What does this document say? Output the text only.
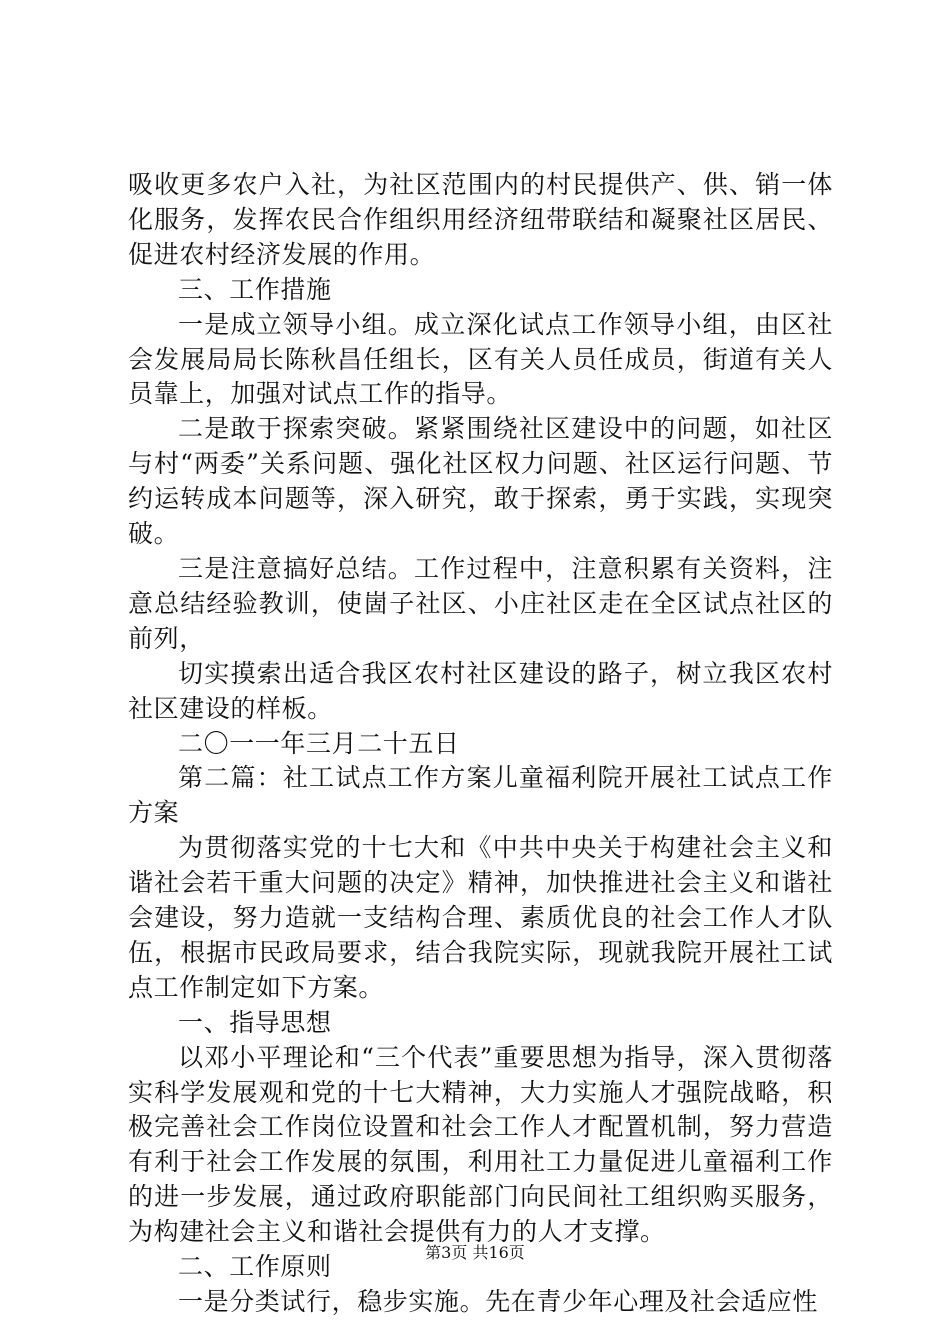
吸收更多农户入社，为社区范围内的村民提供产、供、销一体化服务，发挥农民合作组织用经济纽带联结和凝聚社区居民、促进农村经济发展的作用。

三、工作措施

一是成立领导小组。成立深化试点工作领导小组，由区社会发展局局长陈秋昌任组长，区有关人员任成员，街道有关人员靠上，加强对试点工作的指导。

二是敢于探索突破。紧紧围绕社区建设中的问题，如社区与村“两委”关系问题、强化社区权力问题、社区运行问题、节约运转成本问题等，深入研究，敢于探索，勇于实践，实现突破。

三是注意搞好总结。工作过程中，注意积累有关资料，注意总结经验教训，使崮子社区、小庄社区走在全区试点社区的前列，

切实摸索出适合我区农村社区建设的路子，树立我区农村社区建设的样板。

二〇一一年三月二十五日

第二篇：社工试点工作方案儿童福利院开展社工试点工作方案

为贯彻落实党的十七大和《中共中央关于构建社会主义和谐社会若干重大问题的决定》精神，加快推进社会主义和谐社会建设，努力造就一支结构合理、素质优良的社会工作人才队伍，根据市民政局要求，结合我院实际，现就我院开展社工试点工作制定如下方案。

一、指导思想

以邓小平理论和“三个代表”重要思想为指导，深入贯彻落实科学发展观和党的十七大精神，大力实施人才强院战略，积极完善社会工作岗位设置和社会工作人才配置机制，努力营造有利于社会工作发展的氛围，利用社工力量促进儿童福利工作的进一步发展，通过政府职能部门向民间社工组织购买服务，为构建社会主义和谐社会提供有力的人才支撑。

二、工作原则

一是分类试行，稳步实施。先在青少年心理及社会适应性

第3页 共16页
